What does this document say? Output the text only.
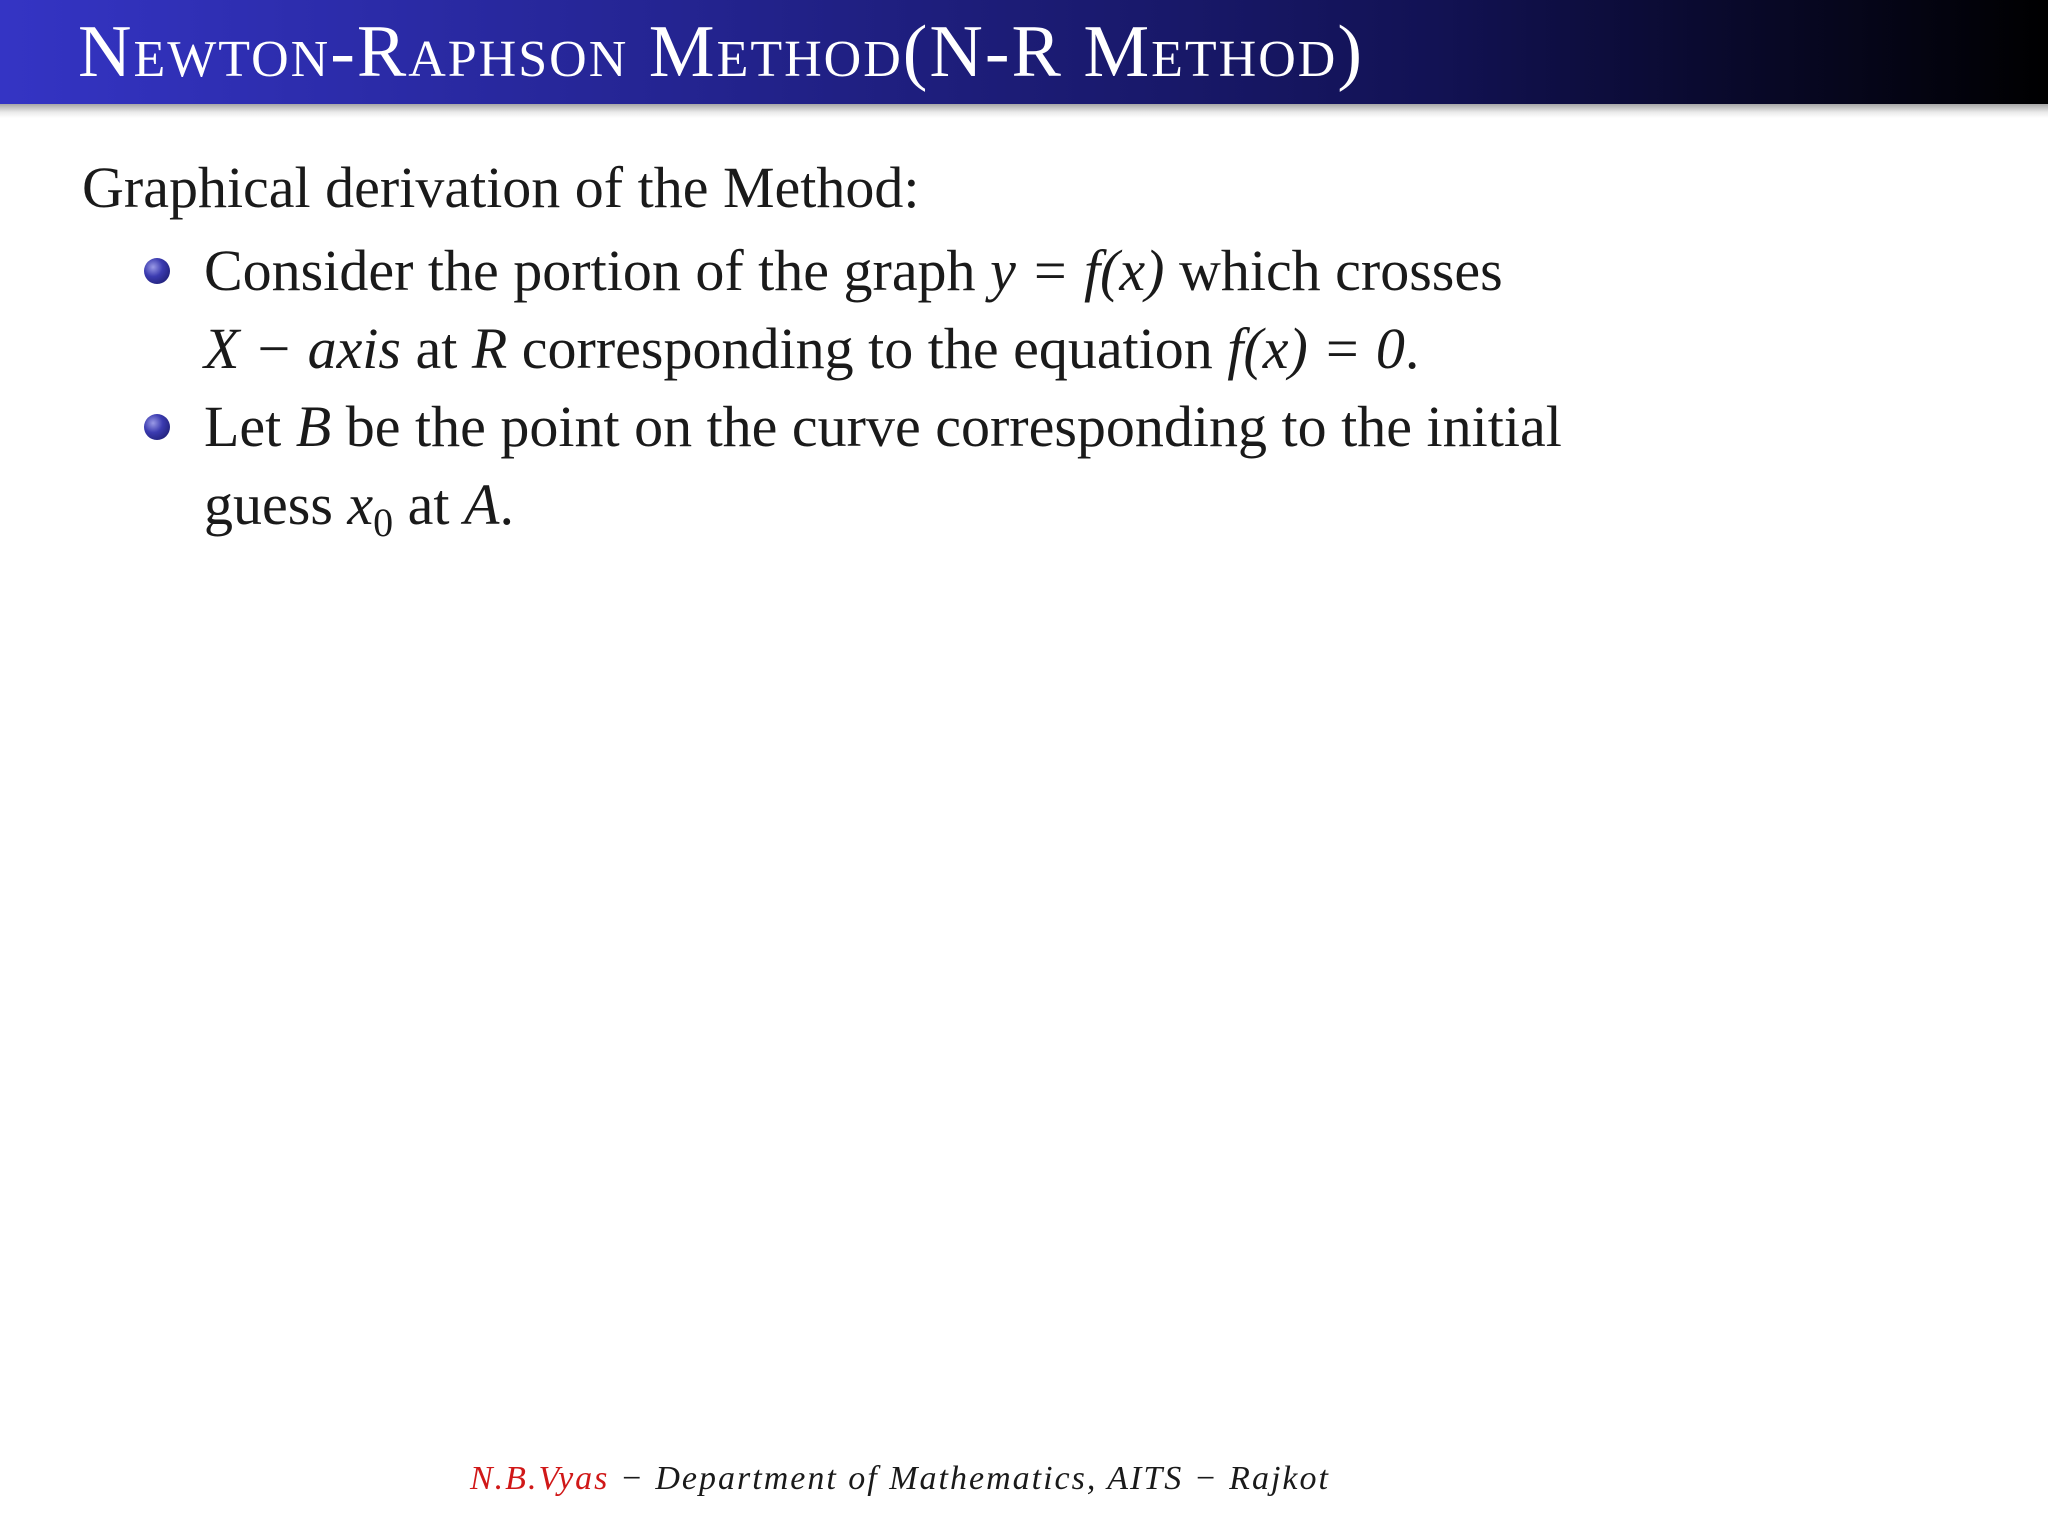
Newton-Raphson Method(N-R Method)
Graphical derivation of the Method:
Consider the portion of the graph y = f(x) which crosses
X − axis at R corresponding to the equation f(x) = 0.
Let B be the point on the curve corresponding to the initial
guess $x_0$ at A.
N.B.Vyas − Department of Mathematics, AITS − Rajkot
